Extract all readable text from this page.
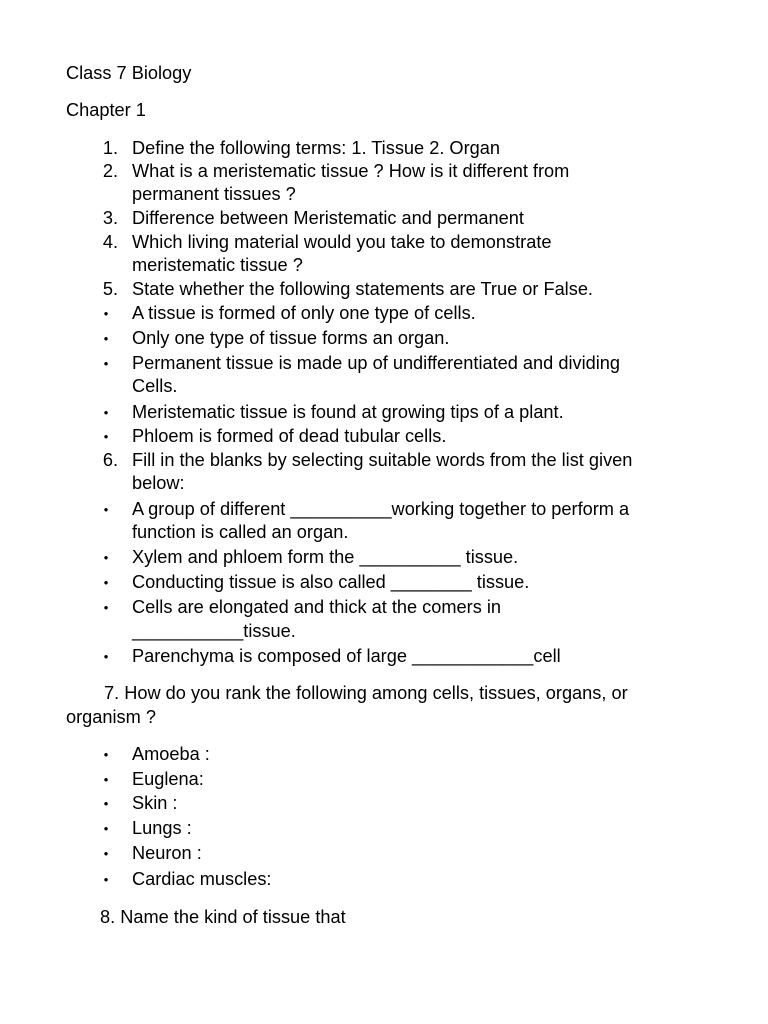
Class 7 Biology
Chapter 1
1. Define the following terms: 1. Tissue 2. Organ
2. What is a meristematic tissue ? How is it different from
permanent tissues ?
3. Difference between Meristematic and permanent
4. Which living material would you take to demonstrate
meristematic tissue ?
5. State whether the following statements are True or False.
•	A tissue is formed of only one type of cells.
•	Only one type of tissue forms an organ.
•	Permanent tissue is made up of undifferentiated and dividing
Cells.
•	Meristematic tissue is found at growing tips of a plant.
•	Phloem is formed of dead tubular cells.
6. Fill in the blanks by selecting suitable words from the list given
below:
•	A group of different __________working together to perform a
function is called an organ.
•	Xylem and phloem form the __________ tissue.
•	Conducting tissue is also called ________ tissue.
•	Cells are elongated and thick at the comers in
___________tissue.
•	Parenchyma is composed of large ____________cell
7. How do you rank the following among cells, tissues, organs, or
organism ?
•	Amoeba :
•	Euglena:
•	Skin :
•	Lungs :
•	Neuron :
•	Cardiac muscles:
8. Name the kind of tissue that
